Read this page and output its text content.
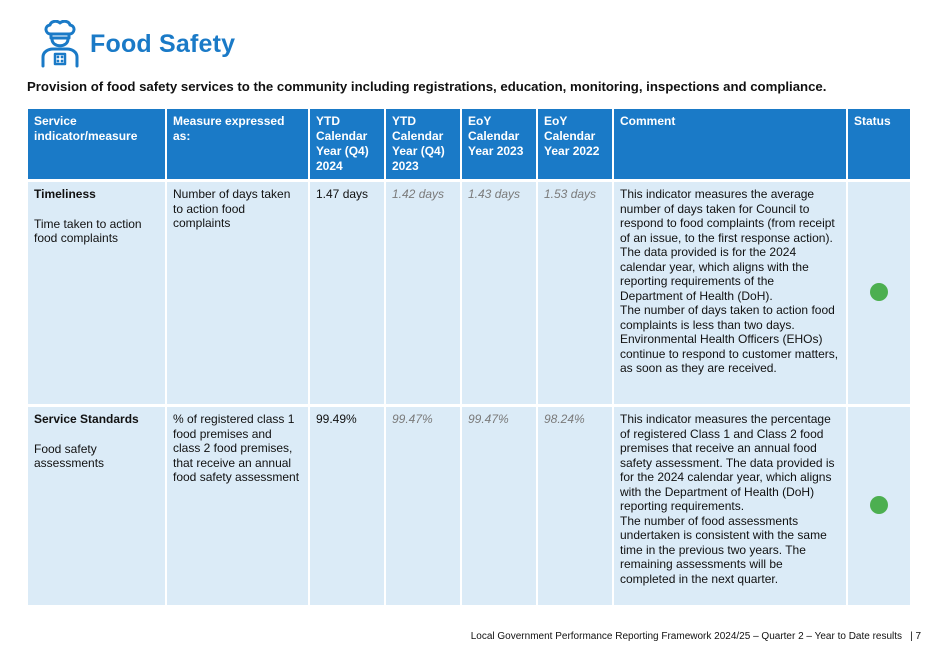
Food Safety
Provision of food safety services to the community including registrations, education, monitoring, inspections and compliance.
Service indicator/measure	Measure expressed as:	YTD Calendar Year (Q4) 2024	YTD Calendar Year (Q4) 2023	EoY Calendar Year 2023	EoY Calendar Year 2022	Comment	Status

Timeliness
Time taken to action food complaints	Number of days taken to action food complaints	1.47 days	1.42 days	1.43 days	1.53 days	This indicator measures the average number of days taken for Council to respond to food complaints (from receipt of an issue, to the first response action).
The data provided is for the 2024 calendar year, which aligns with the reporting requirements of the Department of Health (DoH).
The number of days taken to action food complaints is less than two days. Environmental Health Officers (EHOs) continue to respond to customer matters, as soon as they are received.	

Service Standards
Food safety assessments	% of registered class 1 food premises and class 2 food premises, that receive an annual food safety assessment	99.49%	99.47%	99.47%	98.24%	This indicator measures the percentage of registered Class 1 and Class 2 food premises that receive an annual food safety assessment. The data provided is for the 2024 calendar year, which aligns with the Department of Health (DoH) reporting requirements.
The number of food assessments undertaken is consistent with the same time in the previous two years. The remaining assessments will be completed in the next quarter.	

Local Government Performance Reporting Framework 2024/25 – Quarter 2 – Year to Date results | 7
